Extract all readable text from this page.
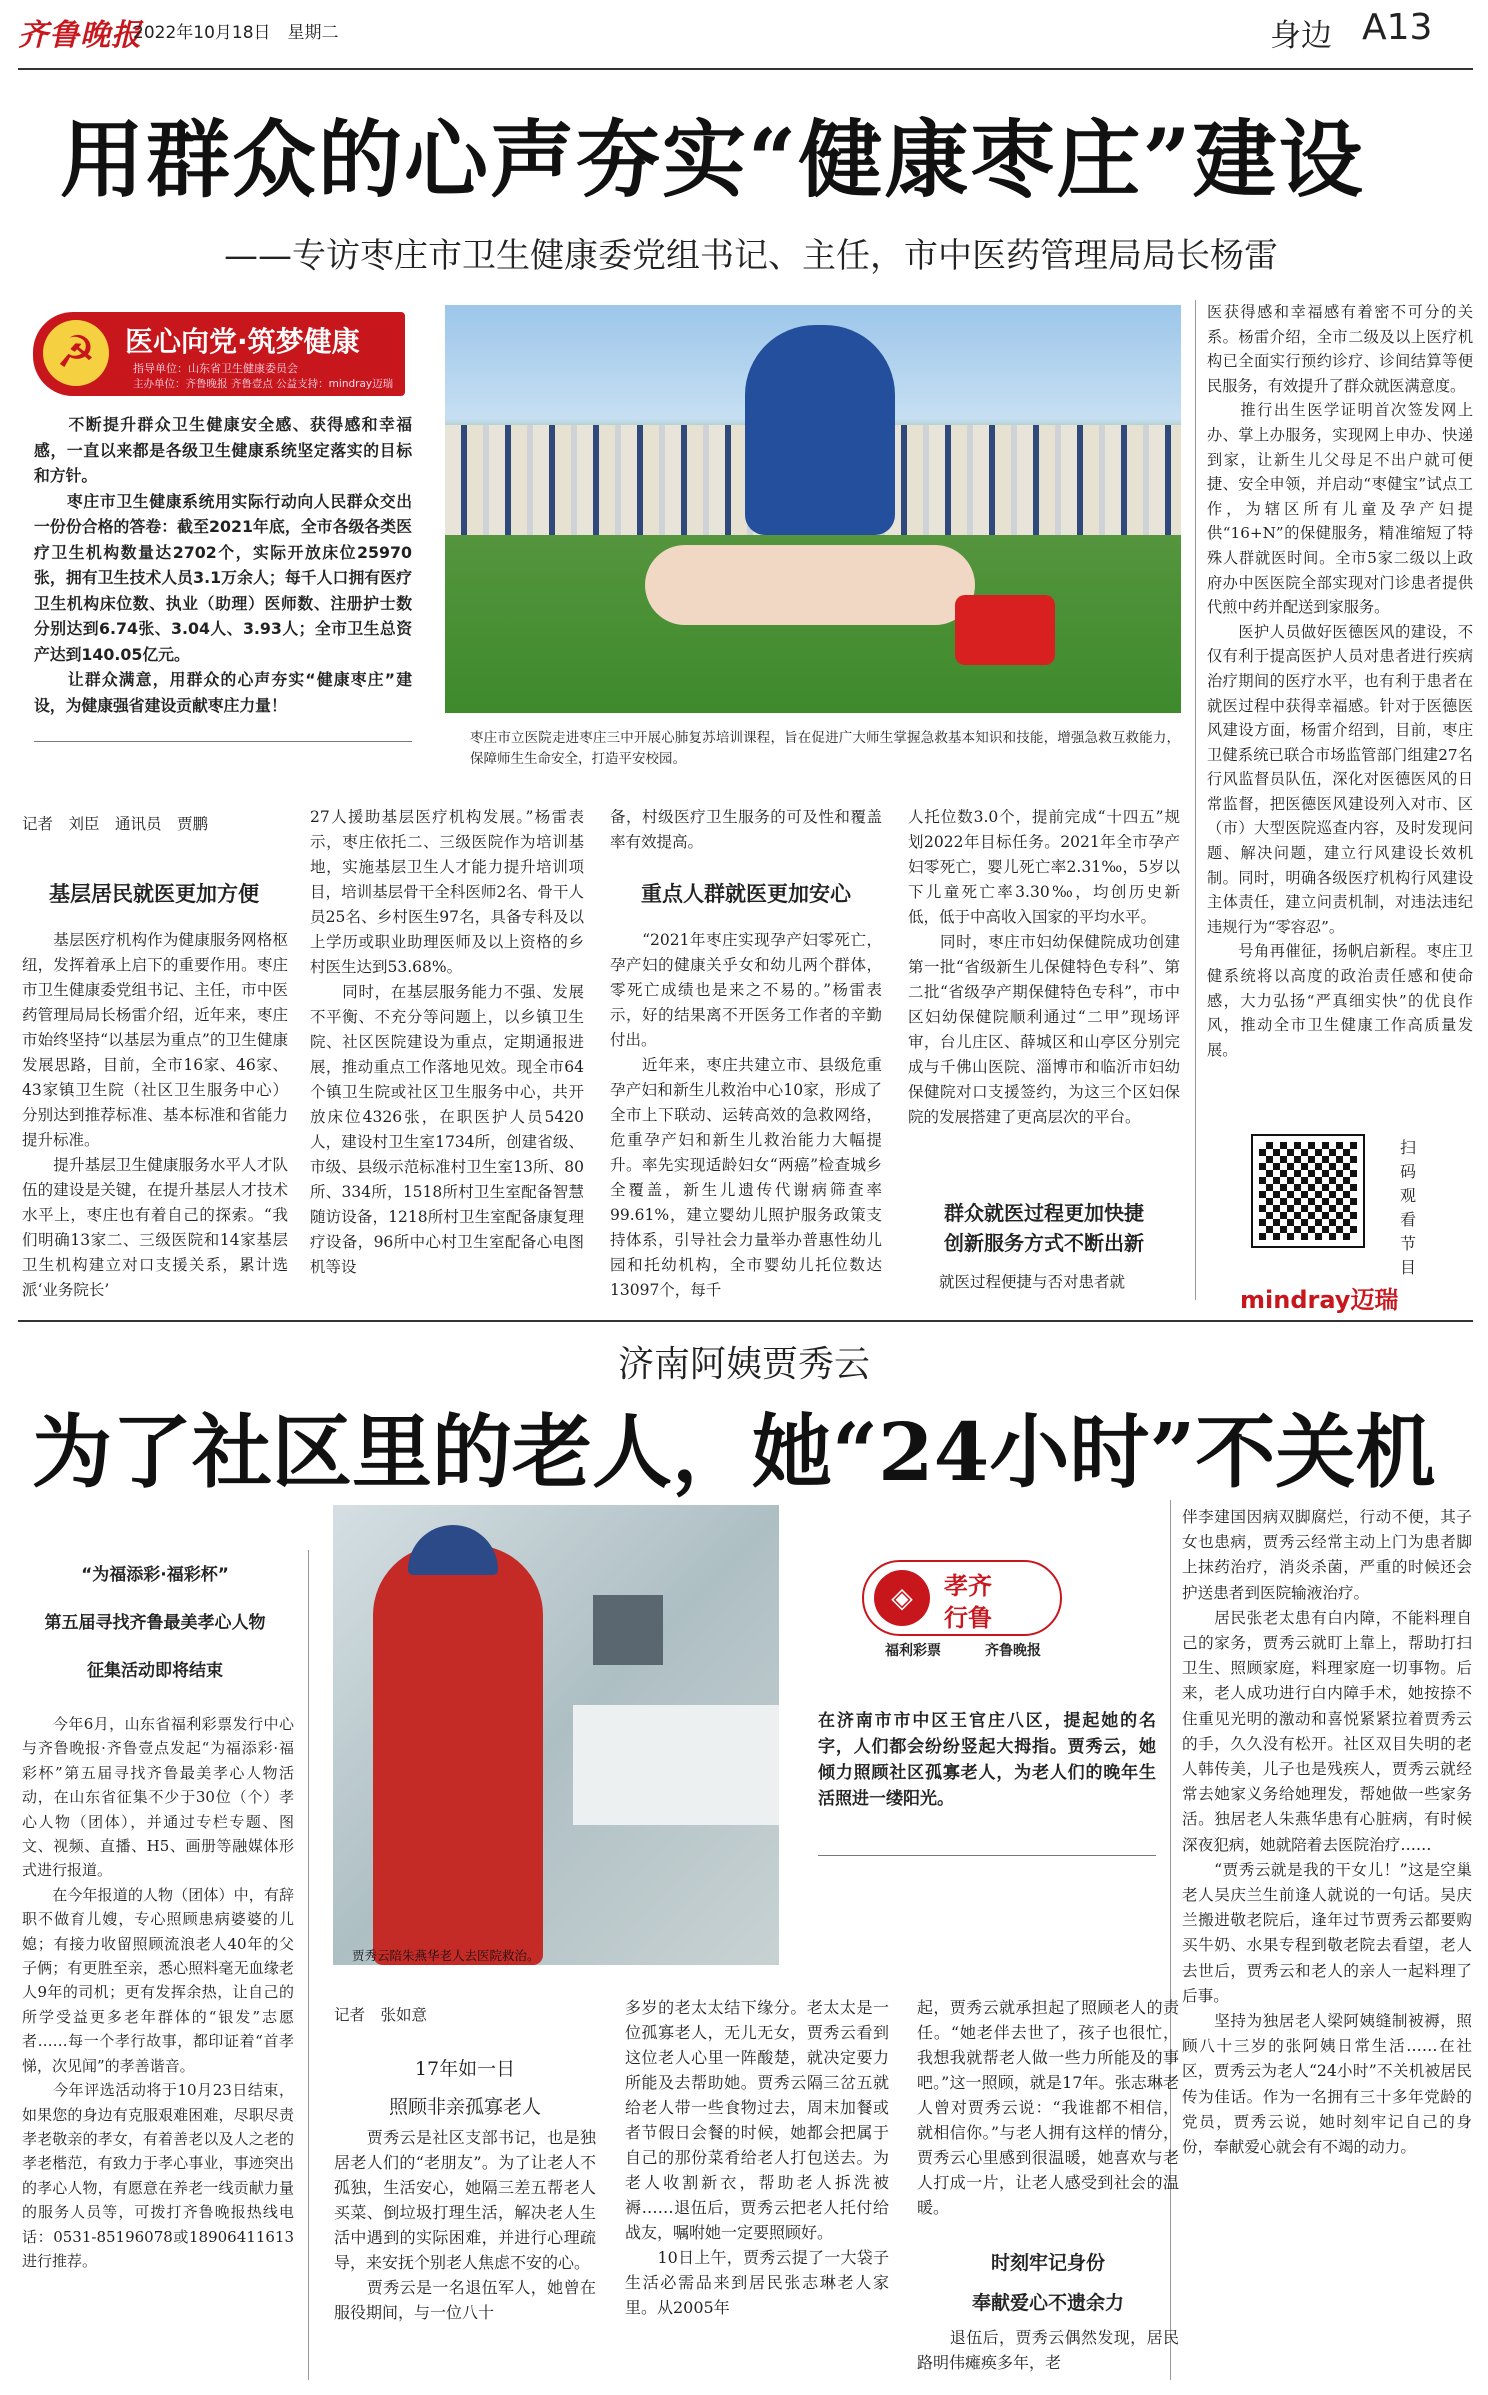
齐鲁晚报
2022年10月18日　星期二	身边 A13
用群众的心声夯实“健康枣庄”建设
——专访枣庄市卫生健康委党组书记、主任，市中医药管理局局长杨雷
☭	医心向党·筑梦健康
指导单位：山东省卫生健康委员会
主办单位：齐鲁晚报 齐鲁壹点 公益支持：mindray迈瑞
　　不断提升群众卫生健康安全感、获得感和幸福感，一直以来都是各级卫生健康系统坚定落实的目标和方针。
　　枣庄市卫生健康系统用实际行动向人民群众交出一份份合格的答卷：截至2021年底，全市各级各类医疗卫生机构数量达2702个，实际开放床位25970张，拥有卫生技术人员3.1万余人；每千人口拥有医疗卫生机构床位数、执业（助理）医师数、注册护士数分别达到6.74张、3.04人、3.93人；全市卫生总资产达到140.05亿元。
　　让群众满意，用群众的心声夯实“健康枣庄”建设，为健康强省建设贡献枣庄力量！
枣庄市立医院走进枣庄三中开展心肺复苏培训课程，旨在促进广大师生掌握急救基本知识和技能，增强急救互救能力，保障师生生命安全，打造平安校园。
医获得感和幸福感有着密不可分的关系。杨雷介绍，全市二级及以上医疗机构已全面实行预约诊疗、诊间结算等便民服务，有效提升了群众就医满意度。
　　推行出生医学证明首次签发网上办、掌上办服务，实现网上申办、快递到家，让新生儿父母足不出户就可便捷、安全申领，并启动“枣健宝”试点工作，为辖区所有儿童及孕产妇提供“16+N”的保健服务，精准缩短了特殊人群就医时间。全市5家二级以上政府办中医医院全部实现对门诊患者提供代煎中药并配送到家服务。
　　医护人员做好医德医风的建设，不仅有利于提高医护人员对患者进行疾病治疗期间的医疗水平，也有利于患者在就医过程中获得幸福感。针对于医德医风建设方面，杨雷介绍到，目前，枣庄卫健系统已联合市场监管部门组建27名行风监督员队伍，深化对医德医风的日常监督，把医德医风建设列入对市、区（市）大型医院巡查内容，及时发现问题、解决问题，建立行风建设长效机制。同时，明确各级医疗机构行风建设主体责任，建立问责机制，对违法违纪违规行为“零容忍”。
　　号角再催征，扬帆启新程。枣庄卫健系统将以高度的政治责任感和使命感，大力弘扬“严真细实快”的优良作风，推动全市卫生健康工作高质量发展。
扫码观看节目
mindray迈瑞
记者　刘臣　通讯员　贾鹏
基层居民就医更加方便
　　基层医疗机构作为健康服务网格枢纽，发挥着承上启下的重要作用。枣庄市卫生健康委党组书记、主任，市中医药管理局局长杨雷介绍，近年来，枣庄市始终坚持“以基层为重点”的卫生健康发展思路，目前，全市16家、46家、43家镇卫生院（社区卫生服务中心）分别达到推荐标准、基本标准和省能力提升标准。
　　提升基层卫生健康服务水平人才队伍的建设是关键，在提升基层人才技术水平上，枣庄也有着自己的探索。“我们明确13家二、三级医院和14家基层卫生机构建立对口支援关系，累计选派‘业务院长’
27人援助基层医疗机构发展。”杨雷表示，枣庄依托二、三级医院作为培训基地，实施基层卫生人才能力提升培训项目，培训基层骨干全科医师2名、骨干人员25名、乡村医生97名，具备专科及以上学历或职业助理医师及以上资格的乡村医生达到53.68%。
　　同时，在基层服务能力不强、发展不平衡、不充分等问题上，以乡镇卫生院、社区医院建设为重点，定期通报进展，推动重点工作落地见效。现全市64个镇卫生院或社区卫生服务中心，共开放床位4326张，在职医护人员5420人，建设村卫生室1734所，创建省级、市级、县级示范标准村卫生室13所、80所、334所，1518所村卫生室配备智慧随访设备，1218所村卫生室配备康复理疗设备，96所中心村卫生室配备心电图机等设
备，村级医疗卫生服务的可及性和覆盖率有效提高。
重点人群就医更加安心
　　“2021年枣庄实现孕产妇零死亡，孕产妇的健康关乎女和幼儿两个群体，零死亡成绩也是来之不易的。”杨雷表示，好的结果离不开医务工作者的辛勤付出。
　　近年来，枣庄共建立市、县级危重孕产妇和新生儿救治中心10家，形成了全市上下联动、运转高效的急救网络，危重孕产妇和新生儿救治能力大幅提升。率先实现适龄妇女“两癌”检查城乡全覆盖，新生儿遗传代谢病筛查率99.61%，建立婴幼儿照护服务政策支持体系，引导社会力量举办普惠性幼儿园和托幼机构，全市婴幼儿托位数达13097个，每千
人托位数3.0个，提前完成“十四五”规划2022年目标任务。2021年全市孕产妇零死亡，婴儿死亡率2.31‰，5岁以下儿童死亡率3.30‰，均创历史新低，低于中高收入国家的平均水平。
　　同时，枣庄市妇幼保健院成功创建第一批“省级新生儿保健特色专科”、第二批“省级孕产期保健特色专科”，市中区妇幼保健院顺利通过“二甲”现场评审，台儿庄区、薛城区和山亭区分别完成与千佛山医院、淄博市和临沂市妇幼保健院对口支援签约，为这三个区妇保院的发展搭建了更高层次的平台。
群众就医过程更加快捷
创新服务方式不断出新
　　就医过程便捷与否对患者就
济南阿姨贾秀云
为了社区里的老人，她“24小时”不关机
“为福添彩·福彩杯”
第五届寻找齐鲁最美孝心人物
征集活动即将结束
　　今年6月，山东省福利彩票发行中心与齐鲁晚报·齐鲁壹点发起“为福添彩·福彩杯”第五届寻找齐鲁最美孝心人物活动，在山东省征集不少于30位（个）孝心人物（团体），并通过专栏专题、图文、视频、直播、H5、画册等融媒体形式进行报道。
　　在今年报道的人物（团体）中，有辞职不做育儿嫂，专心照顾患病婆婆的儿媳；有接力收留照顾流浪老人40年的父子俩；有更胜至亲，悉心照料毫无血缘老人9年的司机；更有发挥余热，让自己的所学受益更多老年群体的“银发”志愿者……每一个孝行故事，都印证着“首孝悌，次见闻”的孝善谐音。
　　今年评选活动将于10月23日结束，如果您的身边有克服艰难困难，尽职尽责孝老敬亲的孝女，有着善老以及人之老的孝老楷范，有致力于孝心事业，事迹突出的孝心人物，有愿意在养老一线贡献力量的服务人员等，可拨打齐鲁晚报热线电话：0531-85196078或18906411613进行推荐。
贾秀云陪朱燕华老人去医院救治。
◈	孝齐
行鲁
福利彩票	齐鲁晚报
在济南市市中区王官庄八区，提起她的名字，人们都会纷纷竖起大拇指。贾秀云，她倾力照顾社区孤寡老人，为老人们的晚年生活照进一缕阳光。
伴李建国因病双脚腐烂，行动不便，其子女也患病，贾秀云经常主动上门为患者脚上抹药治疗，消炎杀菌，严重的时候还会护送患者到医院输液治疗。
　　居民张老太患有白内障，不能料理自己的家务，贾秀云就盯上靠上，帮助打扫卫生、照顾家庭，料理家庭一切事物。后来，老人成功进行白内障手术，她按捺不住重见光明的激动和喜悦紧紧拉着贾秀云的手，久久没有松开。社区双目失明的老人韩传美，儿子也是残疾人，贾秀云就经常去她家义务给她理发，帮她做一些家务活。独居老人朱燕华患有心脏病，有时候深夜犯病，她就陪着去医院治疗……
　　“贾秀云就是我的干女儿！”这是空巢老人吴庆兰生前逢人就说的一句话。吴庆兰搬进敬老院后，逢年过节贾秀云都要购买牛奶、水果专程到敬老院去看望，老人去世后，贾秀云和老人的亲人一起料理了后事。
　　坚持为独居老人梁阿姨缝制被褥，照顾八十三岁的张阿姨日常生活……在社区，贾秀云为老人“24小时”不关机被居民传为佳话。作为一名拥有三十多年党龄的党员，贾秀云说，她时刻牢记自己的身份，奉献爱心就会有不竭的动力。
记者　张如意
17年如一日
照顾非亲孤寡老人
　　贾秀云是社区支部书记，也是独居老人们的“老朋友”。为了让老人不孤独，生活安心，她隔三差五帮老人买菜、倒垃圾打理生活，解决老人生活中遇到的实际困难，并进行心理疏导，来安抚个别老人焦虑不安的心。
　　贾秀云是一名退伍军人，她曾在服役期间，与一位八十
多岁的老太太结下缘分。老太太是一位孤寡老人，无儿无女，贾秀云看到这位老人心里一阵酸楚，就决定要力所能及去帮助她。贾秀云隔三岔五就给老人带一些食物过去，周末加餐或者节假日会餐的时候，她都会把属于自己的那份菜肴给老人打包送去。为老人收割新衣，帮助老人拆洗被褥……退伍后，贾秀云把老人托付给战友，嘱咐她一定要照顾好。
　　10日上午，贾秀云提了一大袋子生活必需品来到居民张志琳老人家里。从2005年
起，贾秀云就承担起了照顾老人的责任。“她老伴去世了，孩子也很忙，我想我就帮老人做一些力所能及的事吧。”这一照顾，就是17年。张志琳老人曾对贾秀云说：“我谁都不相信，就相信你。”与老人拥有这样的情分，贾秀云心里感到很温暖，她喜欢与老人打成一片，让老人感受到社会的温暖。
时刻牢记身份
奉献爱心不遗余力
　　退伍后，贾秀云偶然发现，居民路明伟瘫痪多年，老
